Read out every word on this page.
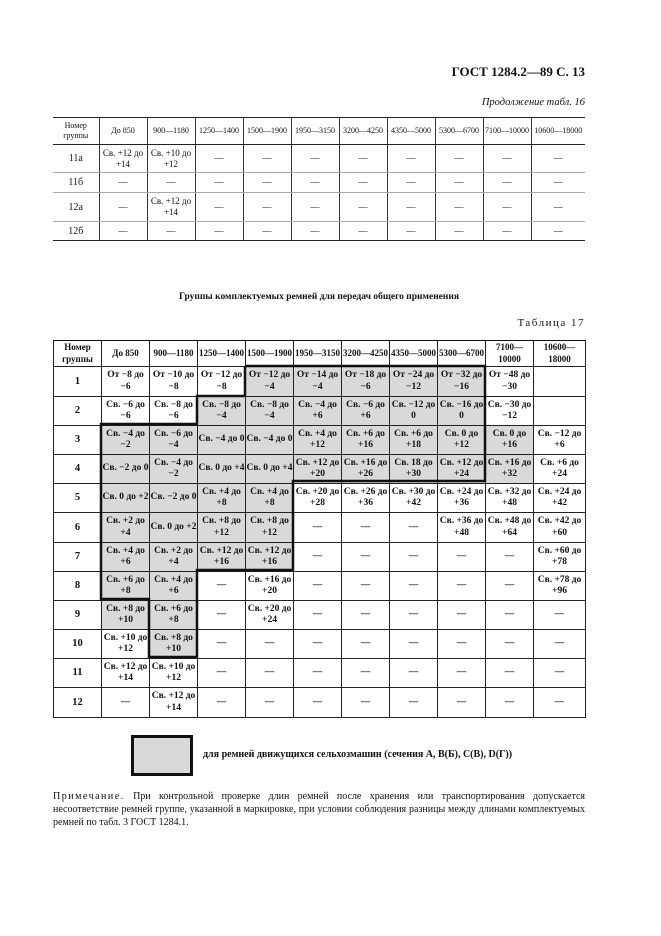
ГОСТ 1284.2—89 С. 13
Продолжение табл. 16
Номер группы	До 850	900—1180	1250—1400	1500—1900	1950—3150	3200—4250	4350—5000	5300—6700	7100—10000	10600—18000
11а	Св. +12 до +14	Св. +10 до +12	—	—	—	—	—	—	—	—
11б	—	—	—	—	—	—	—	—	—	—
12а	—	Св. +12 до +14	—	—	—	—	—	—	—	—
12б	—	—	—	—	—	—	—	—	—	—
Группы комплектуемых ремней для передач общего применения
Таблица 17
Номер группы	До 850	900—1180	1250—1400	1500—1900	1950—3150	3200—4250	4350—5000	5300—6700	7100—10000	10600—18000
1	От −8 до −6	От −10 до −8	От −12 до −8	От −12 до −4	От −14 до −4	От −18 до −6	От −24 до −12	От −32 до −16	От −48 до −30	
2	Св. −6 до −6	Св. −8 до −6	Св. −8 до −4	Св. −8 до −4	Св. −4 до +6	Св. −6 до +6	Св. −12 до 0	Св. −16 до 0	Св. −30 до −12	
3	Св. −4 до −2	Св. −6 до −4	Св. −4 до 0	Св. −4 до 0	Св. +4 до +12	Св. +6 до +16	Св. +6 до +18	Св. 0 до +12	Св. 0 до +16	Св. −12 до +6
4	Св. −2 до 0	Св. −4 до −2	Св. 0 до +4	Св. 0 до +4	Св. +12 до +20	Св. +16 до +26	Св. 18 до +30	Св. +12 до +24	Св. +16 до +32	Св. +6 до +24
5	Св. 0 до +2	Св. −2 до 0	Св. +4 до +8	Св. +4 до +8	Св. +20 до +28	Св. +26 до +36	Св. +30 до +42	Св. +24 до +36	Св. +32 до +48	Св. +24 до +42
6	Св. +2 до +4	Св. 0 до +2	Св. +8 до +12	Св. +8 до +12	—	—	—	Св. +36 до +48	Св. +48 до +64	Св. +42 до +60
7	Св. +4 до +6	Св. +2 до +4	Св. +12 до +16	Св. +12 до +16	—	—	—	—	—	Св. +60 до +78
8	Св. +6 до +8	Св. +4 до +6	—	Св. +16 до +20	—	—	—	—	—	Св. +78 до +96
9	Св. +8 до +10	Св. +6 до +8	—	Св. +20 до +24	—	—	—	—	—	—
10	Св. +10 до +12	Св. +8 до +10	—	—	—	—	—	—	—	—
11	Св. +12 до +14	Св. +10 до +12	—	—	—	—	—	—	—	—
12	—	Св. +12 до +14	—	—	—	—	—	—	—	—
для ремней движущихся сельхозмашин (сечения А, В(Б), С(В), D(Г))
Примечание. При контрольной проверке длин ремней после хранения или транспортирования допускается несоответствие ремней группе, указанной в маркировке, при условии соблюдения разницы между длинами комплектуемых ремней по табл. 3 ГОСТ 1284.1.
